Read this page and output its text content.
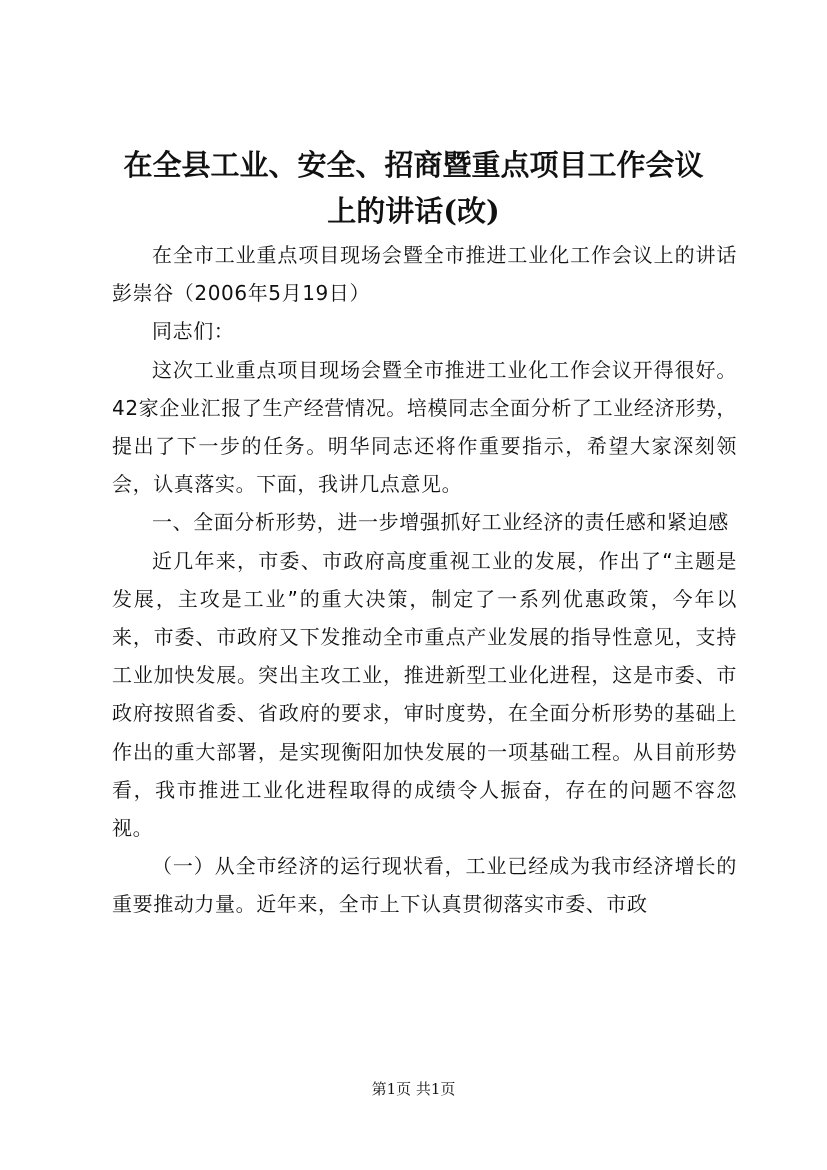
在全县工业、安全、招商暨重点项目工作会议
上的讲话(改)

在全市工业重点项目现场会暨全市推进工业化工作会议上的讲话彭崇谷（2006年5月19日）

同志们：

这次工业重点项目现场会暨全市推进工业化工作会议开得很好。42家企业汇报了生产经营情况。培模同志全面分析了工业经济形势，提出了下一步的任务。明华同志还将作重要指示，希望大家深刻领会，认真落实。下面，我讲几点意见。

一、全面分析形势，进一步增强抓好工业经济的责任感和紧迫感

近几年来，市委、市政府高度重视工业的发展，作出了“主题是发展，主攻是工业”的重大决策，制定了一系列优惠政策，今年以来，市委、市政府又下发推动全市重点产业发展的指导性意见，支持工业加快发展。突出主攻工业，推进新型工业化进程，这是市委、市政府按照省委、省政府的要求，审时度势，在全面分析形势的基础上作出的重大部署，是实现衡阳加快发展的一项基础工程。从目前形势看，我市推进工业化进程取得的成绩令人振奋，存在的问题不容忽视。

（一）从全市经济的运行现状看，工业已经成为我市经济增长的重要推动力量。近年来，全市上下认真贯彻落实市委、市政

第1页 共1页
